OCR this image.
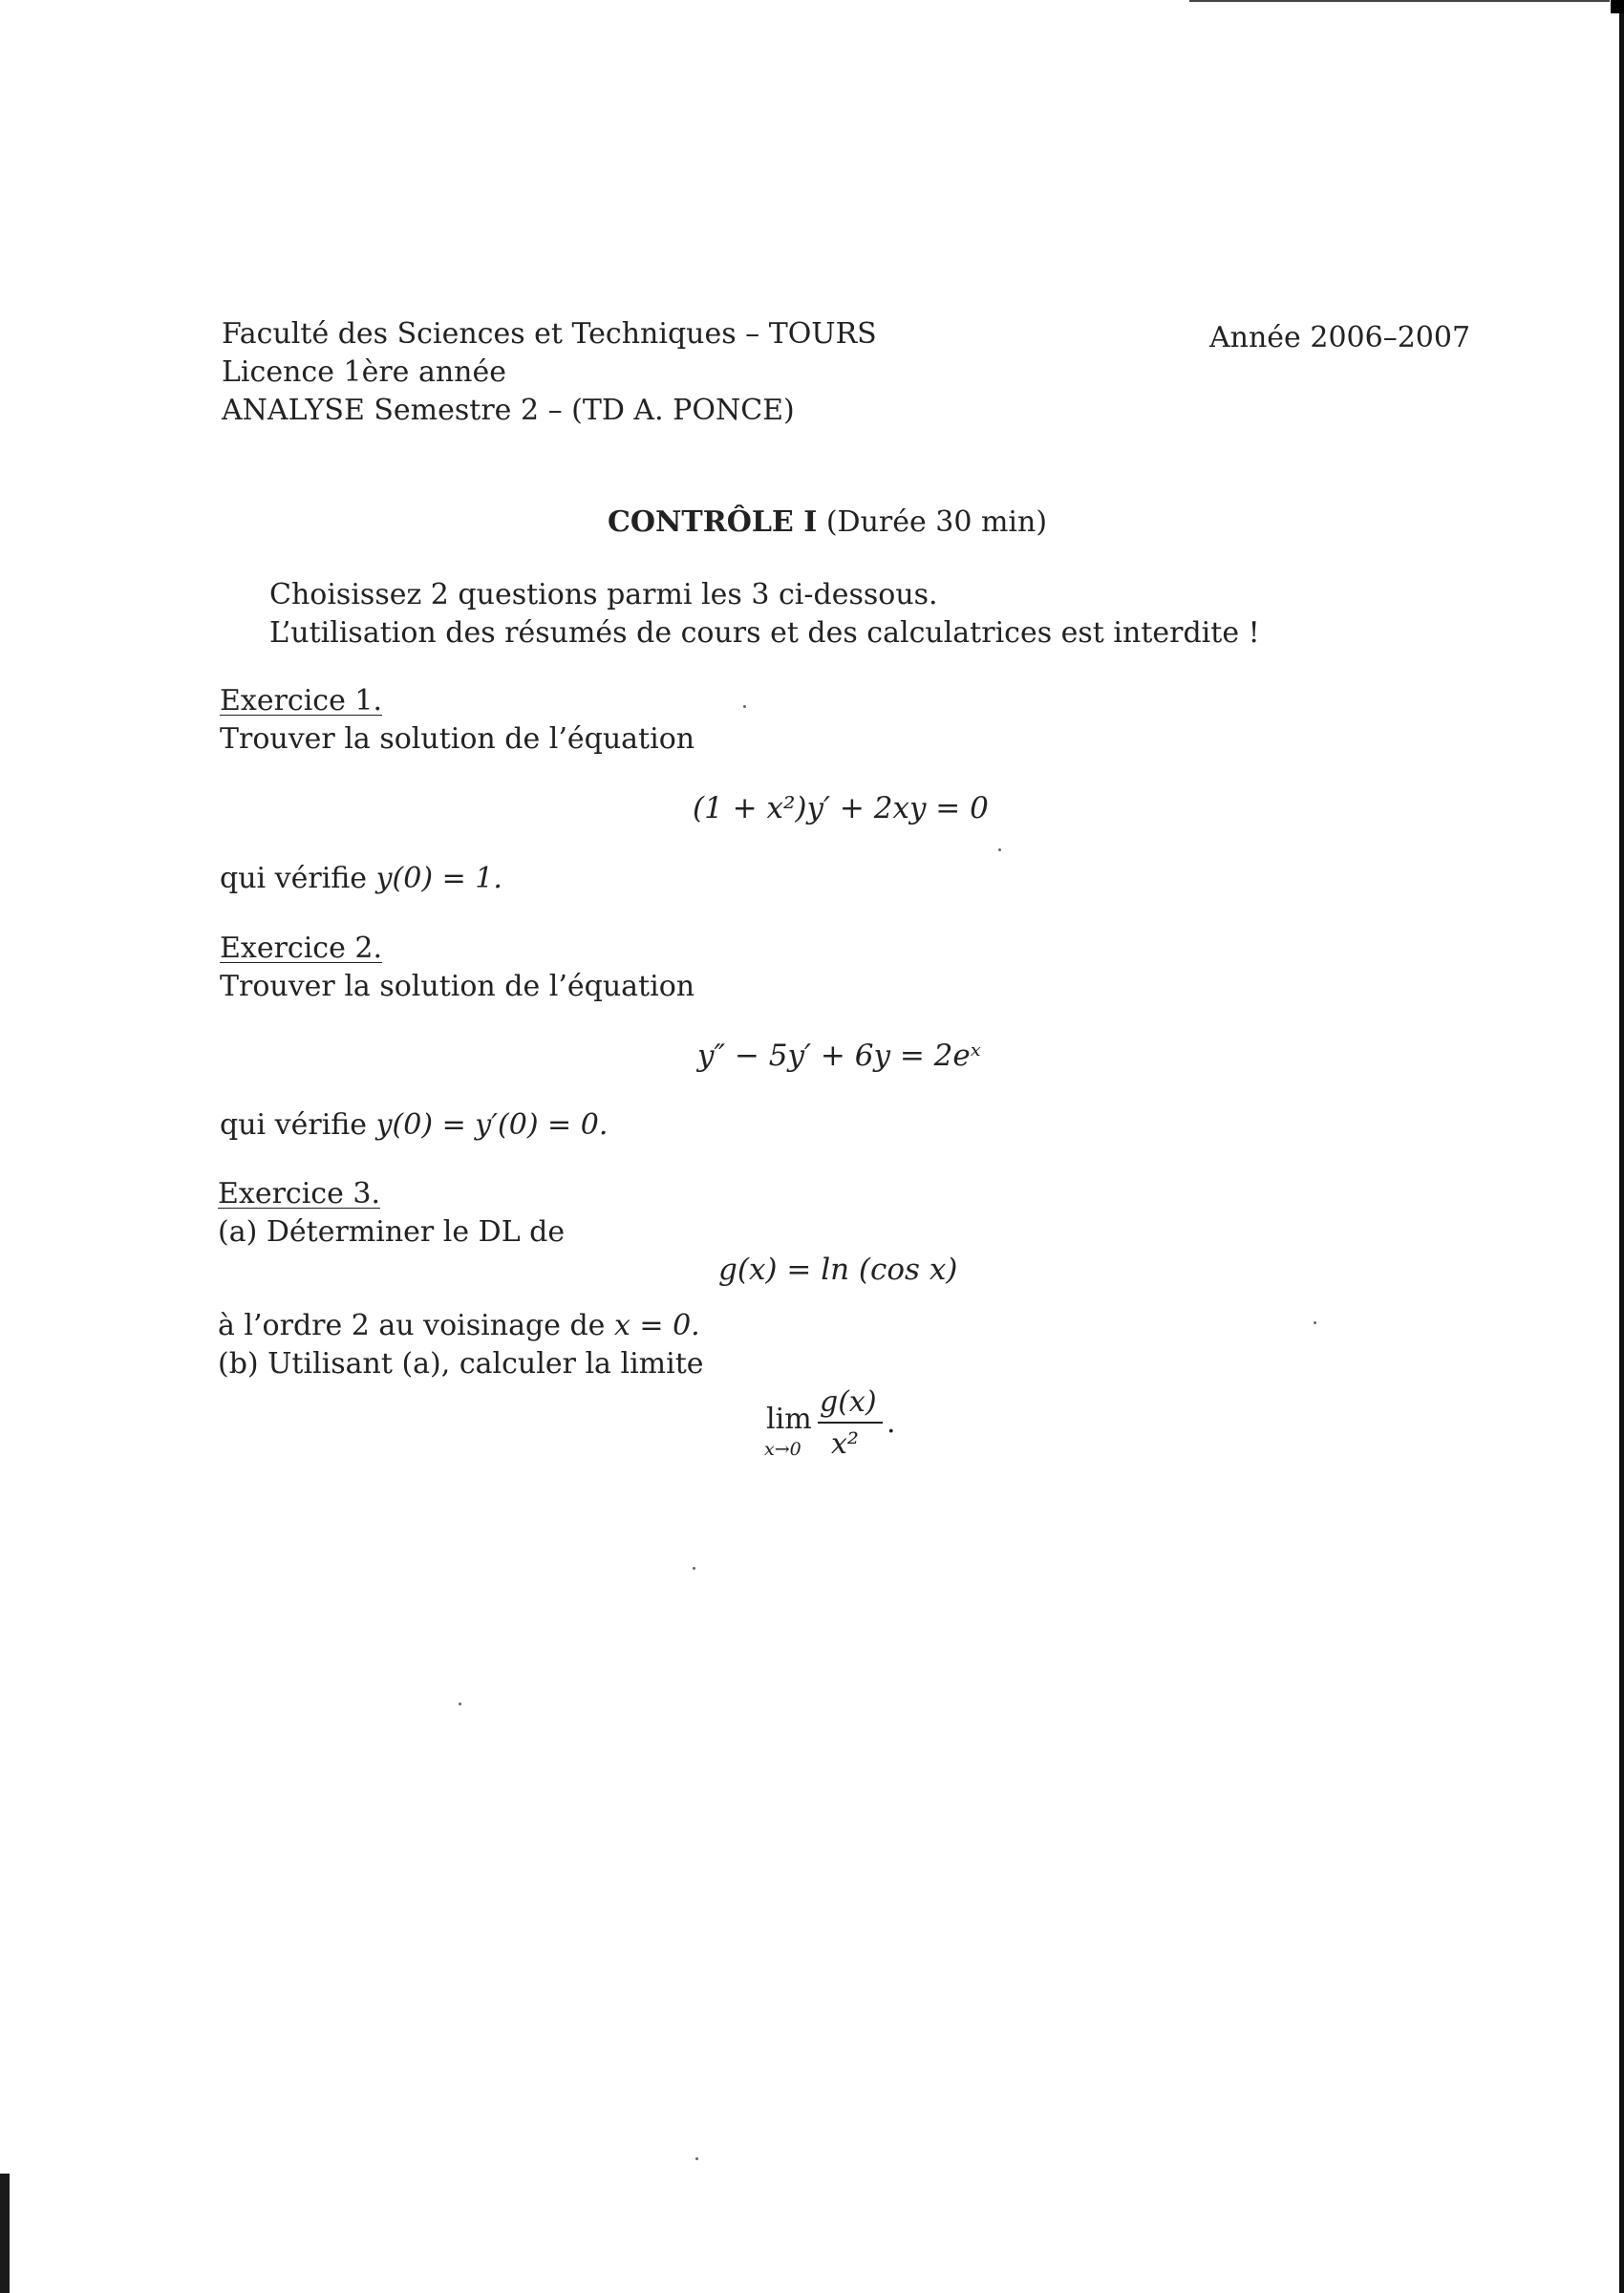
Faculté des Sciences et Techniques – TOURS
Licence 1ère année
ANALYSE Semestre 2 – (TD A. PONCE)
Année 2006–2007
CONTRÔLE I (Durée 30 min)
Choisissez 2 questions parmi les 3 ci-dessous.
L’utilisation des résumés de cours et des calculatrices est interdite !
Exercice 1.
Trouver la solution de l’équation
(1 + x²)y′ + 2xy = 0
qui vérifie y(0) = 1.
Exercice 2.
Trouver la solution de l’équation
y″ − 5y′ + 6y = 2eˣ
qui vérifie y(0) = y′(0) = 0.
Exercice 3.
(a) Déterminer le DL de
g(x) = ln (cos x)
à l’ordre 2 au voisinage de x = 0.
(b) Utilisant (a), calculer la limite
lim
x→0
g(x)
x²
.
